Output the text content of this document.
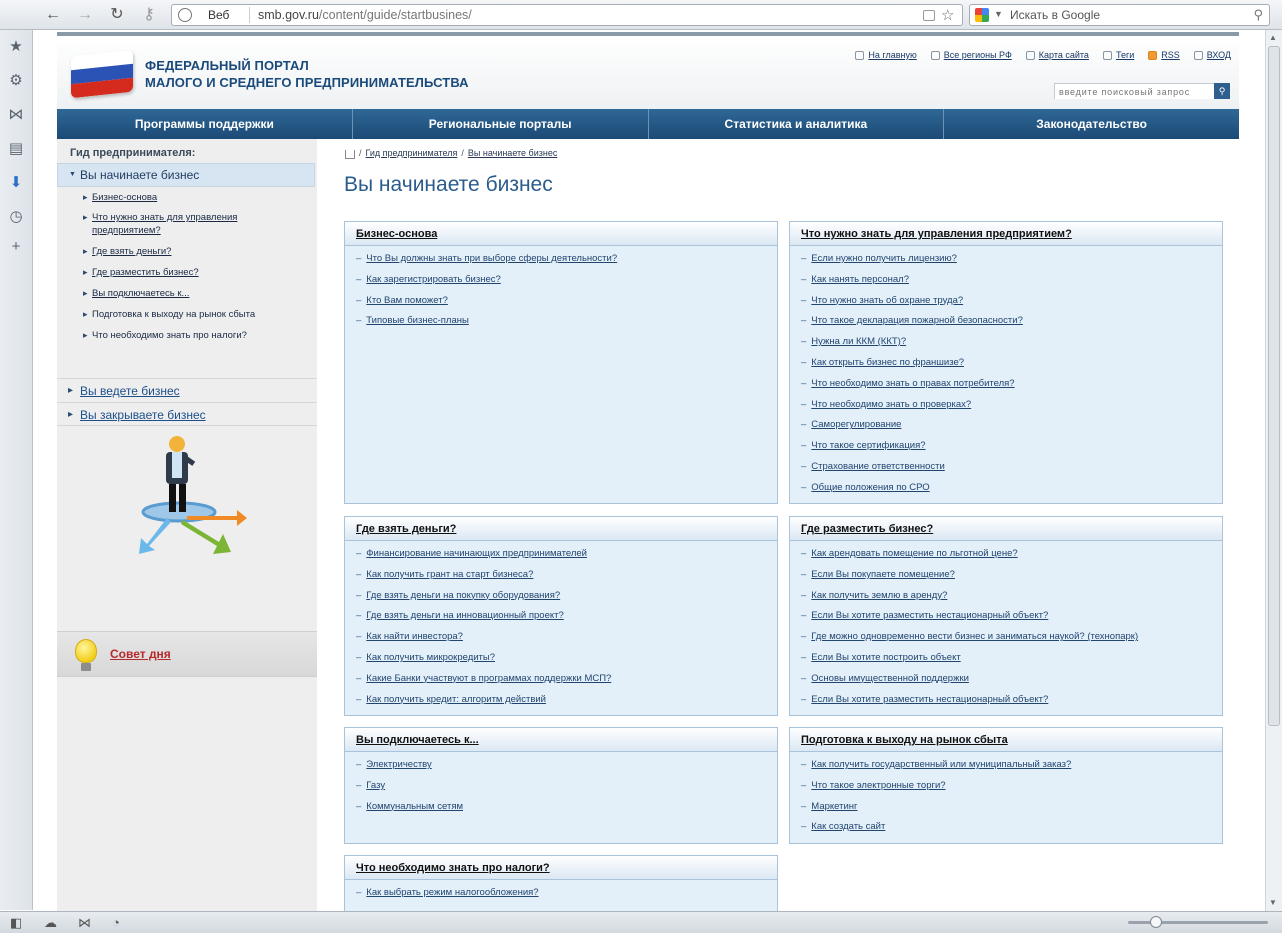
← → ↻	⚷	Веб smb.gov.ru/content/guide/startbusines/	☆	▼ Искать в Google	⚲
★
⚙
⋈
▤
⬇
◷
+
▲
▼
ФЕДЕРАЛЬНЫЙ ПОРТАЛ
МАЛОГО И СРЕДНЕГО ПРЕДПРИНИМАТЕЛЬСТВА
На главную	Все регионы РФ	Карта сайта	Теги	RSS	ВХОД
введите поисковый запрос
⚲
Программы поддержки	Региональные порталы	Статистика и аналитика	Законодательство
Гид предпринимателя:
▼ Вы начинаете бизнес
▸ Бизнес-основа
▸ Что нужно знать для управления предприятием?
▸ Где взять деньги?
▸ Где разместить бизнес?
▸ Вы подключаетесь к...
▸ Подготовка к выходу на рынок сбыта
▸ Что необходимо знать про налоги?
▸ Вы ведете бизнес
▸ Вы закрываете бизнес
Совет дня
/ Гид предпринимателя / Вы начинаете бизнес
Вы начинаете бизнес
Бизнес-основа
– Что Вы должны знать при выборе сферы деятельности?
– Как зарегистрировать бизнес?
– Кто Вам поможет?
– Типовые бизнес-планы
Что нужно знать для управления предприятием?
– Если нужно получить лицензию?
– Как нанять персонал?
– Что нужно знать об охране труда?
– Что такое декларация пожарной безопасности?
– Нужна ли ККМ (ККТ)?
– Как открыть бизнес по франшизе?
– Что необходимо знать о правах потребителя?
– Что необходимо знать о проверках?
– Саморегулирование
– Что такое сертификация?
– Страхование ответственности
– Общие положения по СРО
Где взять деньги?
– Финансирование начинающих предпринимателей
– Как получить грант на старт бизнеса?
– Где взять деньги на покупку оборудования?
– Где взять деньги на инновационный проект?
– Как найти инвестора?
– Как получить микрокредиты?
– Какие Банки участвуют в программах поддержки МСП?
– Как получить кредит: алгоритм действий
Где разместить бизнес?
– Как арендовать помещение по льготной цене?
– Если Вы покупаете помещение?
– Как получить землю в аренду?
– Если Вы хотите разместить нестационарный объект?
– Где можно одновременно вести бизнес и заниматься наукой? (технопарк)
– Если Вы хотите построить объект
– Основы имущественной поддержки
– Если Вы хотите разместить нестационарный объект?
Вы подключаетесь к...
– Электричеству
– Газу
– Коммунальным сетям
Подготовка к выходу на рынок сбыта
– Как получить государственный или муниципальный заказ?
– Что такое электронные торги?
– Маркетинг
– Как создать сайт
Что необходимо знать про налоги?
– Как выбрать режим налогообложения?
◧ ☁ ⋈ ◔
